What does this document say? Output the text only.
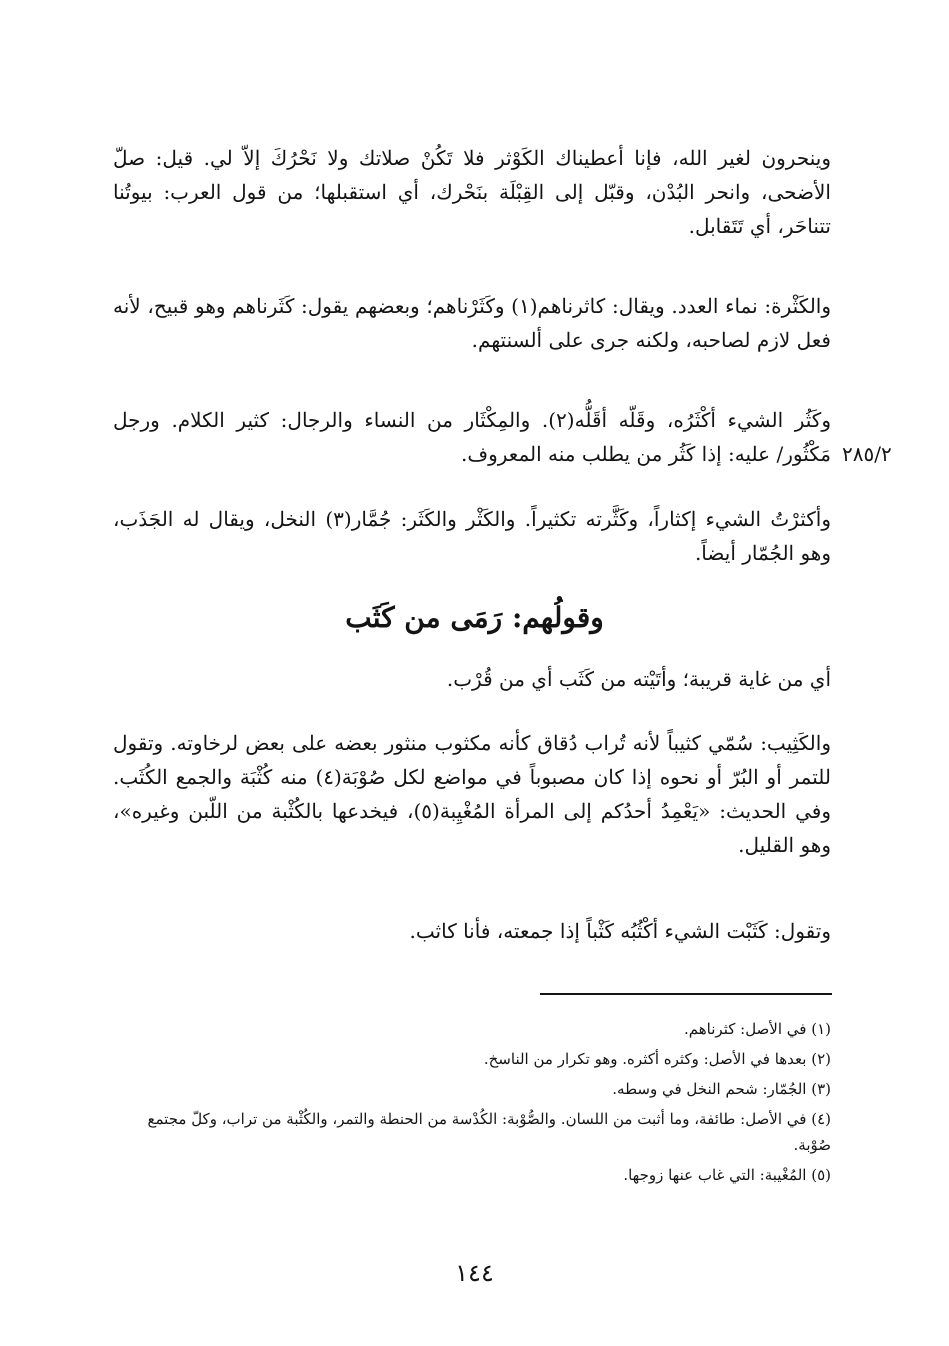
وينحرون لغير الله، فإنا أعطيناك الكَوْثر فلا تَكُنْ صلاتك ولا نَحْرُكَ إلاّ لي. قيل: صلّ الأضحى، وانحر البُدْن، وقبّل إلى القِبْلَة بنَحْرك، أي استقبلها؛ من قول العرب: بيوتُنا تتناحَر، أي تَتَقابل.

والكَثْرة: نماء العدد. ويقال: كاثرناهم(١) وكَثَرْناهم؛ وبعضهم يقول: كَثَرناهم وهو قبيح، لأنه فعل لازم لصاحبه، ولكنه جرى على ألسنتهم.

وكَثُر الشيء أكْثَرُه، وقَلّه أقَلُّه(٢). والمِكْثَار من النساء والرجال: كثير الكلام. ورجل مَكْثُور/ عليه: إذا كَثُر من يطلب منه المعروف. ٢٨٥/٢

وأكثرْتُ الشيء إكثاراً، وكَثَّرته تكثيراً. والكَثْر والكَثَر: جُمَّار(٣) النخل، ويقال له الجَذَب، وهو الجُمّار أيضاً.

وقولُهم: رَمَى من كَثَب

أي من غاية قريبة؛ وأتَيْته من كَثَب أي من قُرْب.

والكَثِيب: سُمّي كثيباً لأنه تُراب دُقاق كأنه مكثوب منثور بعضه على بعض لرخاوته. وتقول للتمر أو البُرّ أو نحوه إذا كان مصبوباً في مواضع لكل صُوْبَة(٤) منه كُثْبَة والجمع الكُثَب. وفي الحديث: «يَعْمِدُ أحدُكم إلى المرأة المُغْيِبة(٥)، فيخدعها بالكُثْبة من اللّبن وغيره»، وهو القليل.

وتقول: كَثَبْت الشيء أكْثُبُه كَثْباً إذا جمعته، فأنا كاثب.

(١) في الأصل: كثرناهم.

(٢) بعدها في الأصل: وكثره أكثره. وهو تكرار من الناسخ.

(٣) الجُمّار: شحم النخل في وسطه.

(٤) في الأصل: طائفة، وما أثبت من اللسان. والصُّوْبة: الكُدْسة من الحنطة والتمر، والكُثْبة من تراب، وكلّ مجتمع صُوْبة.

(٥) المُغْيبة: التي غاب عنها زوجها.

١٤٤
